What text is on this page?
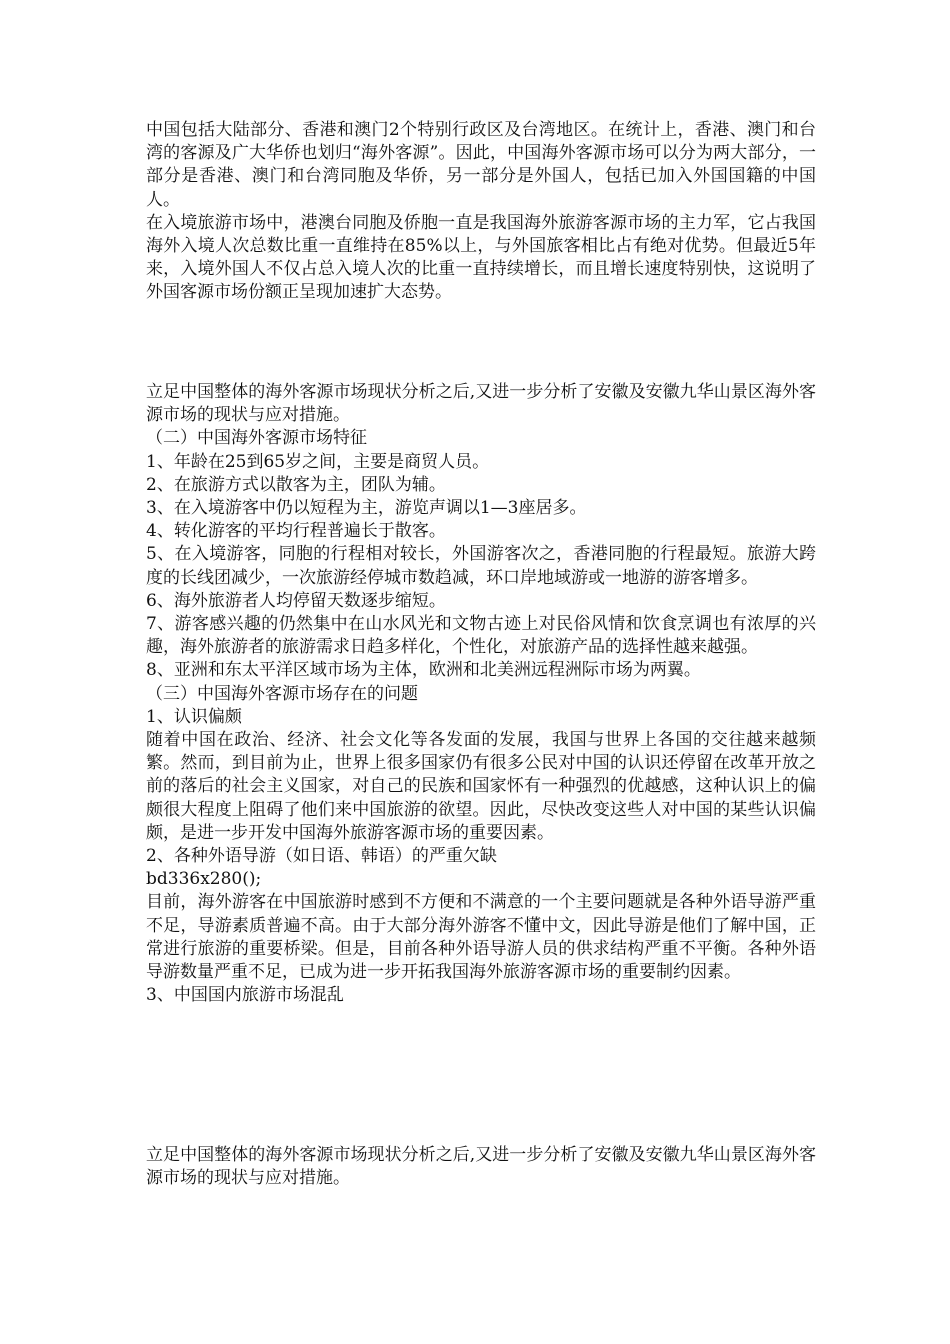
中国包括大陆部分、香港和澳门2个特别行政区及台湾地区。在统计上，香港、澳门和台湾的客源及广大华侨也划归“海外客源”。因此，中国海外客源市场可以分为两大部分，一部分是香港、澳门和台湾同胞及华侨，另一部分是外国人，包括已加入外国国籍的中国人。

在入境旅游市场中，港澳台同胞及侨胞一直是我国海外旅游客源市场的主力军，它占我国海外入境人次总数比重一直维持在85%以上，与外国旅客相比占有绝对优势。但最近5年来，入境外国人不仅占总入境人次的比重一直持续增长，而且增长速度特别快，这说明了外国客源市场份额正呈现加速扩大态势。

立足中国整体的海外客源市场现状分析之后,又进一步分析了安徽及安徽九华山景区海外客源市场的现状与应对措施。

（二）中国海外客源市场特征

1、年龄在25到65岁之间，主要是商贸人员。

2、在旅游方式以散客为主，团队为辅。

3、在入境游客中仍以短程为主，游览声调以1—3座居多。

4、转化游客的平均行程普遍长于散客。

5、在入境游客，同胞的行程相对较长，外国游客次之，香港同胞的行程最短。旅游大跨度的长线团减少，一次旅游经停城市数趋减，环口岸地域游或一地游的游客增多。

6、海外旅游者人均停留天数逐步缩短。

7、游客感兴趣的仍然集中在山水风光和文物古迹上对民俗风情和饮食烹调也有浓厚的兴趣，海外旅游者的旅游需求日趋多样化，个性化，对旅游产品的选择性越来越强。

8、亚洲和东太平洋区域市场为主体，欧洲和北美洲远程洲际市场为两翼。

（三）中国海外客源市场存在的问题

1、认识偏颇

随着中国在政治、经济、社会文化等各发面的发展，我国与世界上各国的交往越来越频繁。然而，到目前为止，世界上很多国家仍有很多公民对中国的认识还停留在改革开放之前的落后的社会主义国家，对自己的民族和国家怀有一种强烈的优越感，这种认识上的偏颇很大程度上阻碍了他们来中国旅游的欲望。因此，尽快改变这些人对中国的某些认识偏颇，是进一步开发中国海外旅游客源市场的重要因素。

2、各种外语导游（如日语、韩语）的严重欠缺

bd336x280();

目前，海外游客在中国旅游时感到不方便和不满意的一个主要问题就是各种外语导游严重不足，导游素质普遍不高。由于大部分海外游客不懂中文，因此导游是他们了解中国，正常进行旅游的重要桥梁。但是，目前各种外语导游人员的供求结构严重不平衡。各种外语导游数量严重不足，已成为进一步开拓我国海外旅游客源市场的重要制约因素。

3、中国国内旅游市场混乱

立足中国整体的海外客源市场现状分析之后,又进一步分析了安徽及安徽九华山景区海外客源市场的现状与应对措施。
